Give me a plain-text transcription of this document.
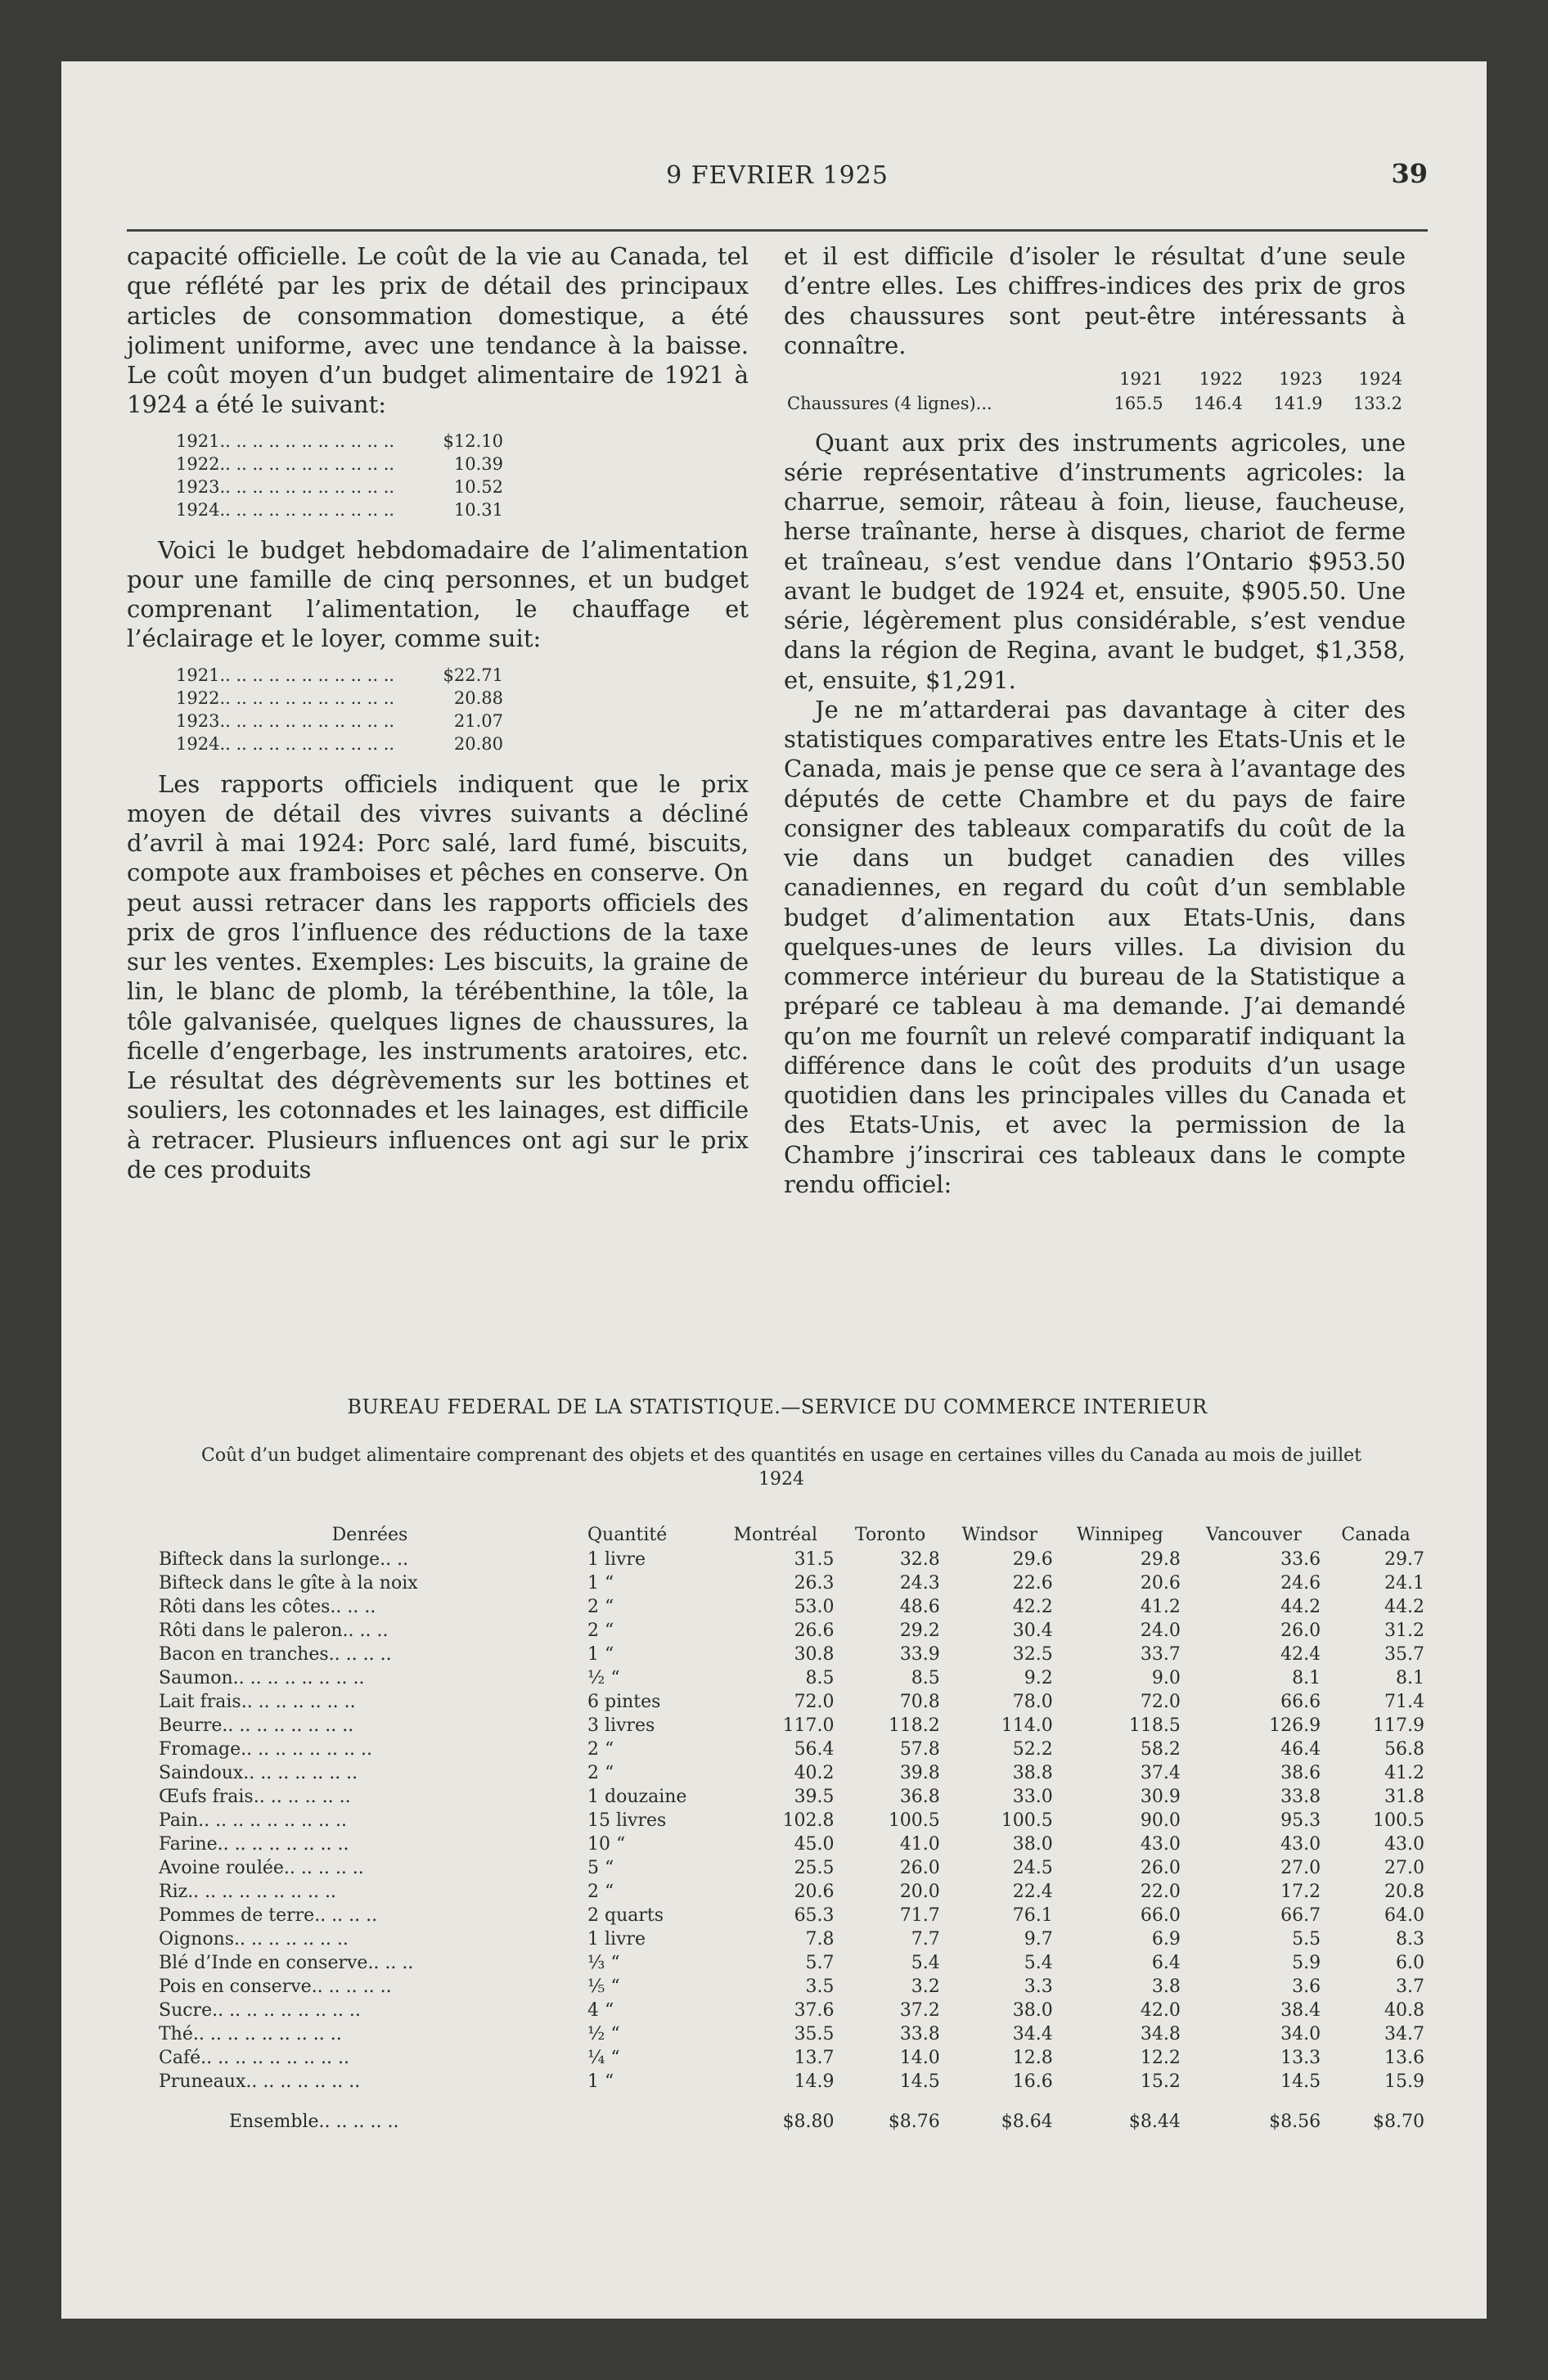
9 FEVRIER 1925	39

capacité officielle. Le coût de la vie au Canada, tel que réflété par les prix de détail des principaux articles de consommation domestique, a été joliment uniforme, avec une tendance à la baisse. Le coût moyen d’un budget alimentaire de 1921 à 1924 a été le suivant:

1921.. .. .. .. .. .. .. .. .. .. ..	$12.10
1922.. .. .. .. .. .. .. .. .. .. ..	10.39
1923.. .. .. .. .. .. .. .. .. .. ..	10.52
1924.. .. .. .. .. .. .. .. .. .. ..	10.31

Voici le budget hebdomadaire de l’alimentation pour une famille de cinq personnes, et un budget comprenant l’alimentation, le chauffage et l’éclairage et le loyer, comme suit:

1921.. .. .. .. .. .. .. .. .. .. ..	$22.71
1922.. .. .. .. .. .. .. .. .. .. ..	20.88
1923.. .. .. .. .. .. .. .. .. .. ..	21.07
1924.. .. .. .. .. .. .. .. .. .. ..	20.80

Les rapports officiels indiquent que le prix moyen de détail des vivres suivants a décliné d’avril à mai 1924: Porc salé, lard fumé, biscuits, compote aux framboises et pêches en conserve. On peut aussi retracer dans les rapports officiels des prix de gros l’influence des réductions de la taxe sur les ventes. Exemples: Les biscuits, la graine de lin, le blanc de plomb, la térébenthine, la tôle, la tôle galvanisée, quelques lignes de chaussures, la ficelle d’engerbage, les instruments aratoires, etc. Le résultat des dégrèvements sur les bottines et souliers, les cotonnades et les lainages, est difficile à retracer. Plusieurs influences ont agi sur le prix de ces produits

et il est difficile d’isoler le résultat d’une seule d’entre elles. Les chiffres-indices des prix de gros des chaussures sont peut-être intéressants à connaître.

	1921	1922	1923	1924
Chaussures (4 lignes)...	165.5	146.4	141.9	133.2

Quant aux prix des instruments agricoles, une série représentative d’instruments agricoles: la charrue, semoir, râteau à foin, lieuse, faucheuse, herse traînante, herse à disques, chariot de ferme et traîneau, s’est vendue dans l’Ontario $953.50 avant le budget de 1924 et, ensuite, $905.50. Une série, légèrement plus considérable, s’est vendue dans la région de Regina, avant le budget, $1,358, et, ensuite, $1,291.

Je ne m’attarderai pas davantage à citer des statistiques comparatives entre les Etats-Unis et le Canada, mais je pense que ce sera à l’avantage des députés de cette Chambre et du pays de faire consigner des tableaux comparatifs du coût de la vie dans un budget canadien des villes canadiennes, en regard du coût d’un semblable budget d’alimentation aux Etats-Unis, dans quelques-unes de leurs villes. La division du commerce intérieur du bureau de la Statistique a préparé ce tableau à ma demande. J’ai demandé qu’on me fournît un relevé comparatif indiquant la différence dans le coût des produits d’un usage quotidien dans les principales villes du Canada et des Etats-Unis, et avec la permission de la Chambre j’inscrirai ces tableaux dans le compte rendu officiel:

BUREAU FEDERAL DE LA STATISTIQUE.—SERVICE DU COMMERCE INTERIEUR
Coût d’un budget alimentaire comprenant des objets et des quantités en usage en certaines villes du Canada au mois de juillet 1924
Denrées	Quantité	Montréal	Toronto	Windsor	Winnipeg	Vancouver	Canada
Bifteck dans la surlonge.. ..	1 livre	31.5	32.8	29.6	29.8	33.6	29.7
Bifteck dans le gîte à la noix	1 “	26.3	24.3	22.6	20.6	24.6	24.1
Rôti dans les côtes.. .. ..	2 “	53.0	48.6	42.2	41.2	44.2	44.2
Rôti dans le paleron.. .. ..	2 “	26.6	29.2	30.4	24.0	26.0	31.2
Bacon en tranches.. .. .. ..	1 “	30.8	33.9	32.5	33.7	42.4	35.7
Saumon.. .. .. .. .. .. .. ..	½ “	8.5	8.5	9.2	9.0	8.1	8.1
Lait frais.. .. .. .. .. .. ..	6 pintes	72.0	70.8	78.0	72.0	66.6	71.4
Beurre.. .. .. .. .. .. .. ..	3 livres	117.0	118.2	114.0	118.5	126.9	117.9
Fromage.. .. .. .. .. .. .. ..	2 “	56.4	57.8	52.2	58.2	46.4	56.8
Saindoux.. .. .. .. .. .. ..	2 “	40.2	39.8	38.8	37.4	38.6	41.2
Œufs frais.. .. .. .. .. ..	1 douzaine	39.5	36.8	33.0	30.9	33.8	31.8
Pain.. .. .. .. .. .. .. .. ..	15 livres	102.8	100.5	100.5	90.0	95.3	100.5
Farine.. .. .. .. .. .. .. ..	10 “	45.0	41.0	38.0	43.0	43.0	43.0
Avoine roulée.. .. .. .. ..	5 “	25.5	26.0	24.5	26.0	27.0	27.0
Riz.. .. .. .. .. .. .. .. ..	2 “	20.6	20.0	22.4	22.0	17.2	20.8
Pommes de terre.. .. .. ..	2 quarts	65.3	71.7	76.1	66.0	66.7	64.0
Oignons.. .. .. .. .. .. ..	1 livre	7.8	7.7	9.7	6.9	5.5	8.3
Blé d’Inde en conserve.. .. ..	⅓ “	5.7	5.4	5.4	6.4	5.9	6.0
Pois en conserve.. .. .. .. ..	⅕ “	3.5	3.2	3.3	3.8	3.6	3.7
Sucre.. .. .. .. .. .. .. .. ..	4 “	37.6	37.2	38.0	42.0	38.4	40.8
Thé.. .. .. .. .. .. .. .. ..	½ “	35.5	33.8	34.4	34.8	34.0	34.7
Café.. .. .. .. .. .. .. .. ..	¼ “	13.7	14.0	12.8	12.2	13.3	13.6
Pruneaux.. .. .. .. .. .. ..	1 “	14.9	14.5	16.6	15.2	14.5	15.9
Ensemble.. .. .. .. ..		$8.80	$8.76	$8.64	$8.44	$8.56	$8.70
